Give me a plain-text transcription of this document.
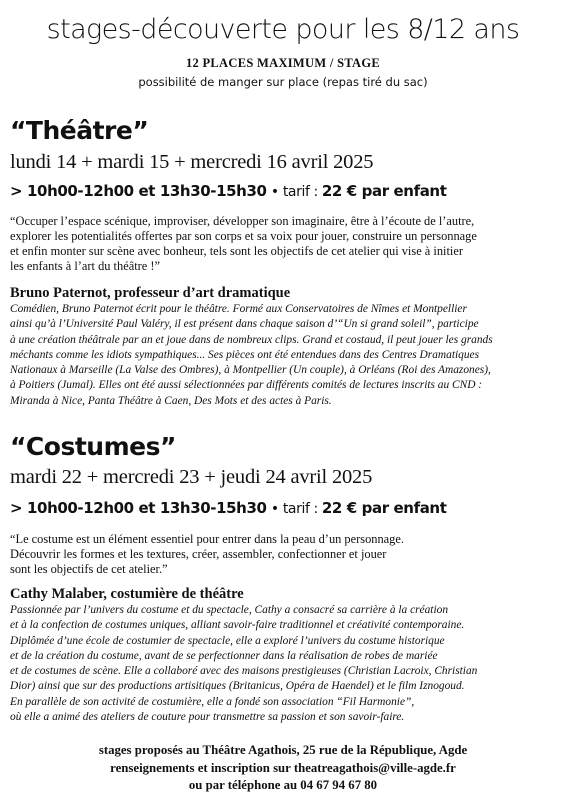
stages-découverte pour les 8/12 ans
12 PLACES MAXIMUM / STAGE
possibilité de manger sur place (repas tiré du sac)
“Théâtre”
lundi 14 + mardi 15 + mercredi 16 avril 2025
> 10h00-12h00 et 13h30-15h30 • tarif : 22 € par enfant
“Occuper l’espace scénique, improviser, développer son imaginaire, être à l’écoute de l’autre,
explorer les potentialités offertes par son corps et sa voix pour jouer, construire un personnage
et enfin monter sur scène avec bonheur, tels sont les objectifs de cet atelier qui vise à initier
les enfants à l’art du théâtre !”
Bruno Paternot, professeur d’art dramatique
Comédien, Bruno Paternot écrit pour le théâtre. Formé aux Conservatoires de Nîmes et Montpellier
ainsi qu’à l’Université Paul Valéry, il est présent dans chaque saison d’“Un si grand soleil”, participe
à une création théâtrale par an et joue dans de nombreux clips. Grand et costaud, il peut jouer les grands
méchants comme les idiots sympathiques... Ses pièces ont été entendues dans des Centres Dramatiques
Nationaux à Marseille (La Valse des Ombres), à Montpellier (Un couple), à Orléans (Roi des Amazones),
à Poitiers (Jumal). Elles ont été aussi sélectionnées par différents comités de lectures inscrits au CND :
Miranda à Nice, Panta Théâtre à Caen, Des Mots et des actes à Paris.
“Costumes”
mardi 22 + mercredi 23 + jeudi 24 avril 2025
> 10h00-12h00 et 13h30-15h30 • tarif : 22 € par enfant
“Le costume est un élément essentiel pour entrer dans la peau d’un personnage.
Découvrir les formes et les textures, créer, assembler, confectionner et jouer
sont les objectifs de cet atelier.”
Cathy Malaber, costumière de théâtre
Passionnée par l’univers du costume et du spectacle, Cathy a consacré sa carrière à la création
et à la confection de costumes uniques, alliant savoir-faire traditionnel et créativité contemporaine.
Diplômée d’une école de costumier de spectacle, elle a exploré l’univers du costume historique
et de la création du costume, avant de se perfectionner dans la réalisation de robes de mariée
et de costumes de scène. Elle a collaboré avec des maisons prestigieuses (Christian Lacroix, Christian
Dior) ainsi que sur des productions artisitiques (Britanicus, Opéra de Haendel) et le film Iznogoud.
En parallèle de son activité de costumière, elle a fondé son association “Fil Harmonie”,
où elle a animé des ateliers de couture pour transmettre sa passion et son savoir-faire.
stages proposés au Théâtre Agathois, 25 rue de la République, Agde
renseignements et inscription sur theatreagathois@ville-agde.fr
ou par téléphone au 04 67 94 67 80
